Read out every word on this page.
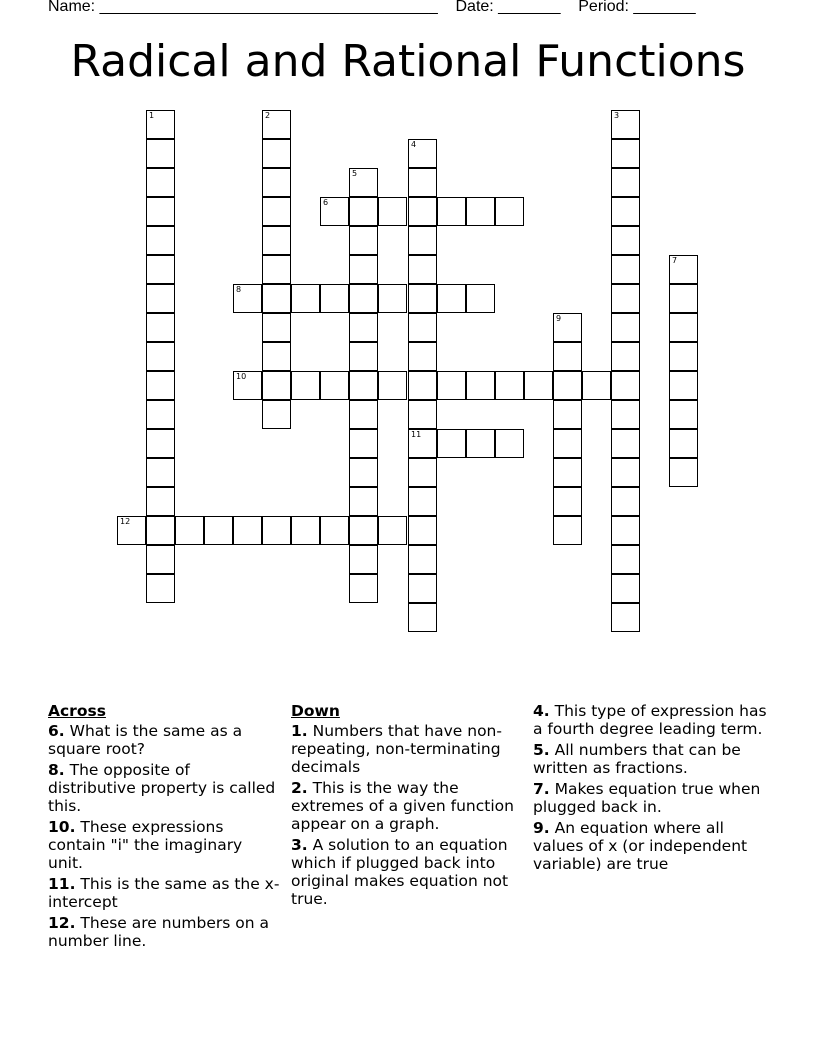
Name: ______________________________________    Date: _______    Period: _______
Radical and Rational Functions
1	2	3
4
11
5
6
7
8
9
10
12
Across
6. What is the same as a square root?
8. The opposite of distributive property is called this.
10. These expressions contain "i" the imaginary unit.
11. This is the same as the x-intercept
12. These are numbers on a number line.
Down
1. Numbers that have non-repeating, non-terminating decimals
2. This is the way the extremes of a given function appear on a graph.
3. A solution to an equation which if plugged back into original makes equation not true.
4. This type of expression has a fourth degree leading term.
5. All numbers that can be written as fractions.
7. Makes equation true when plugged back in.
9. An equation where all values of x (or independent variable) are true
